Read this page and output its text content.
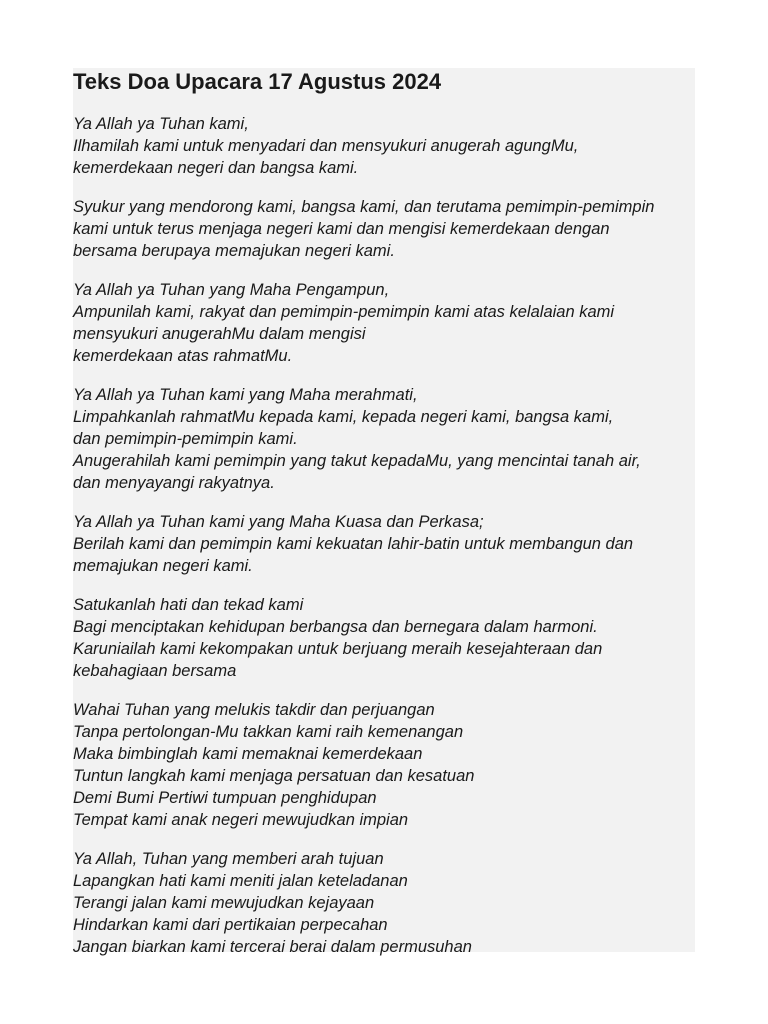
Teks Doa Upacara 17 Agustus 2024

Ya Allah ya Tuhan kami,
Ilhamilah kami untuk menyadari dan mensyukuri anugerah agungMu,
kemerdekaan negeri dan bangsa kami.

Syukur yang mendorong kami, bangsa kami, dan terutama pemimpin-pemimpin
kami untuk terus menjaga negeri kami dan mengisi kemerdekaan dengan
bersama berupaya memajukan negeri kami.

Ya Allah ya Tuhan yang Maha Pengampun,
Ampunilah kami, rakyat dan pemimpin-pemimpin kami atas kelalaian kami
mensyukuri anugerahMu dalam mengisi
kemerdekaan atas rahmatMu.

Ya Allah ya Tuhan kami yang Maha merahmati,
Limpahkanlah rahmatMu kepada kami, kepada negeri kami, bangsa kami,
dan pemimpin-pemimpin kami.
Anugerahilah kami pemimpin yang takut kepadaMu, yang mencintai tanah air,
dan menyayangi rakyatnya.

Ya Allah ya Tuhan kami yang Maha Kuasa dan Perkasa;
Berilah kami dan pemimpin kami kekuatan lahir-batin untuk membangun dan
memajukan negeri kami.

Satukanlah hati dan tekad kami
Bagi menciptakan kehidupan berbangsa dan bernegara dalam harmoni.
Karuniailah kami kekompakan untuk berjuang meraih kesejahteraan dan
kebahagiaan bersama

Wahai Tuhan yang melukis takdir dan perjuangan
Tanpa pertolongan-Mu takkan kami raih kemenangan
Maka bimbinglah kami memaknai kemerdekaan
Tuntun langkah kami menjaga persatuan dan kesatuan
Demi Bumi Pertiwi tumpuan penghidupan
Tempat kami anak negeri mewujudkan impian

Ya Allah, Tuhan yang memberi arah tujuan
Lapangkan hati kami meniti jalan keteladanan
Terangi jalan kami mewujudkan kejayaan
Hindarkan kami dari pertikaian perpecahan
Jangan biarkan kami tercerai berai dalam permusuhan
